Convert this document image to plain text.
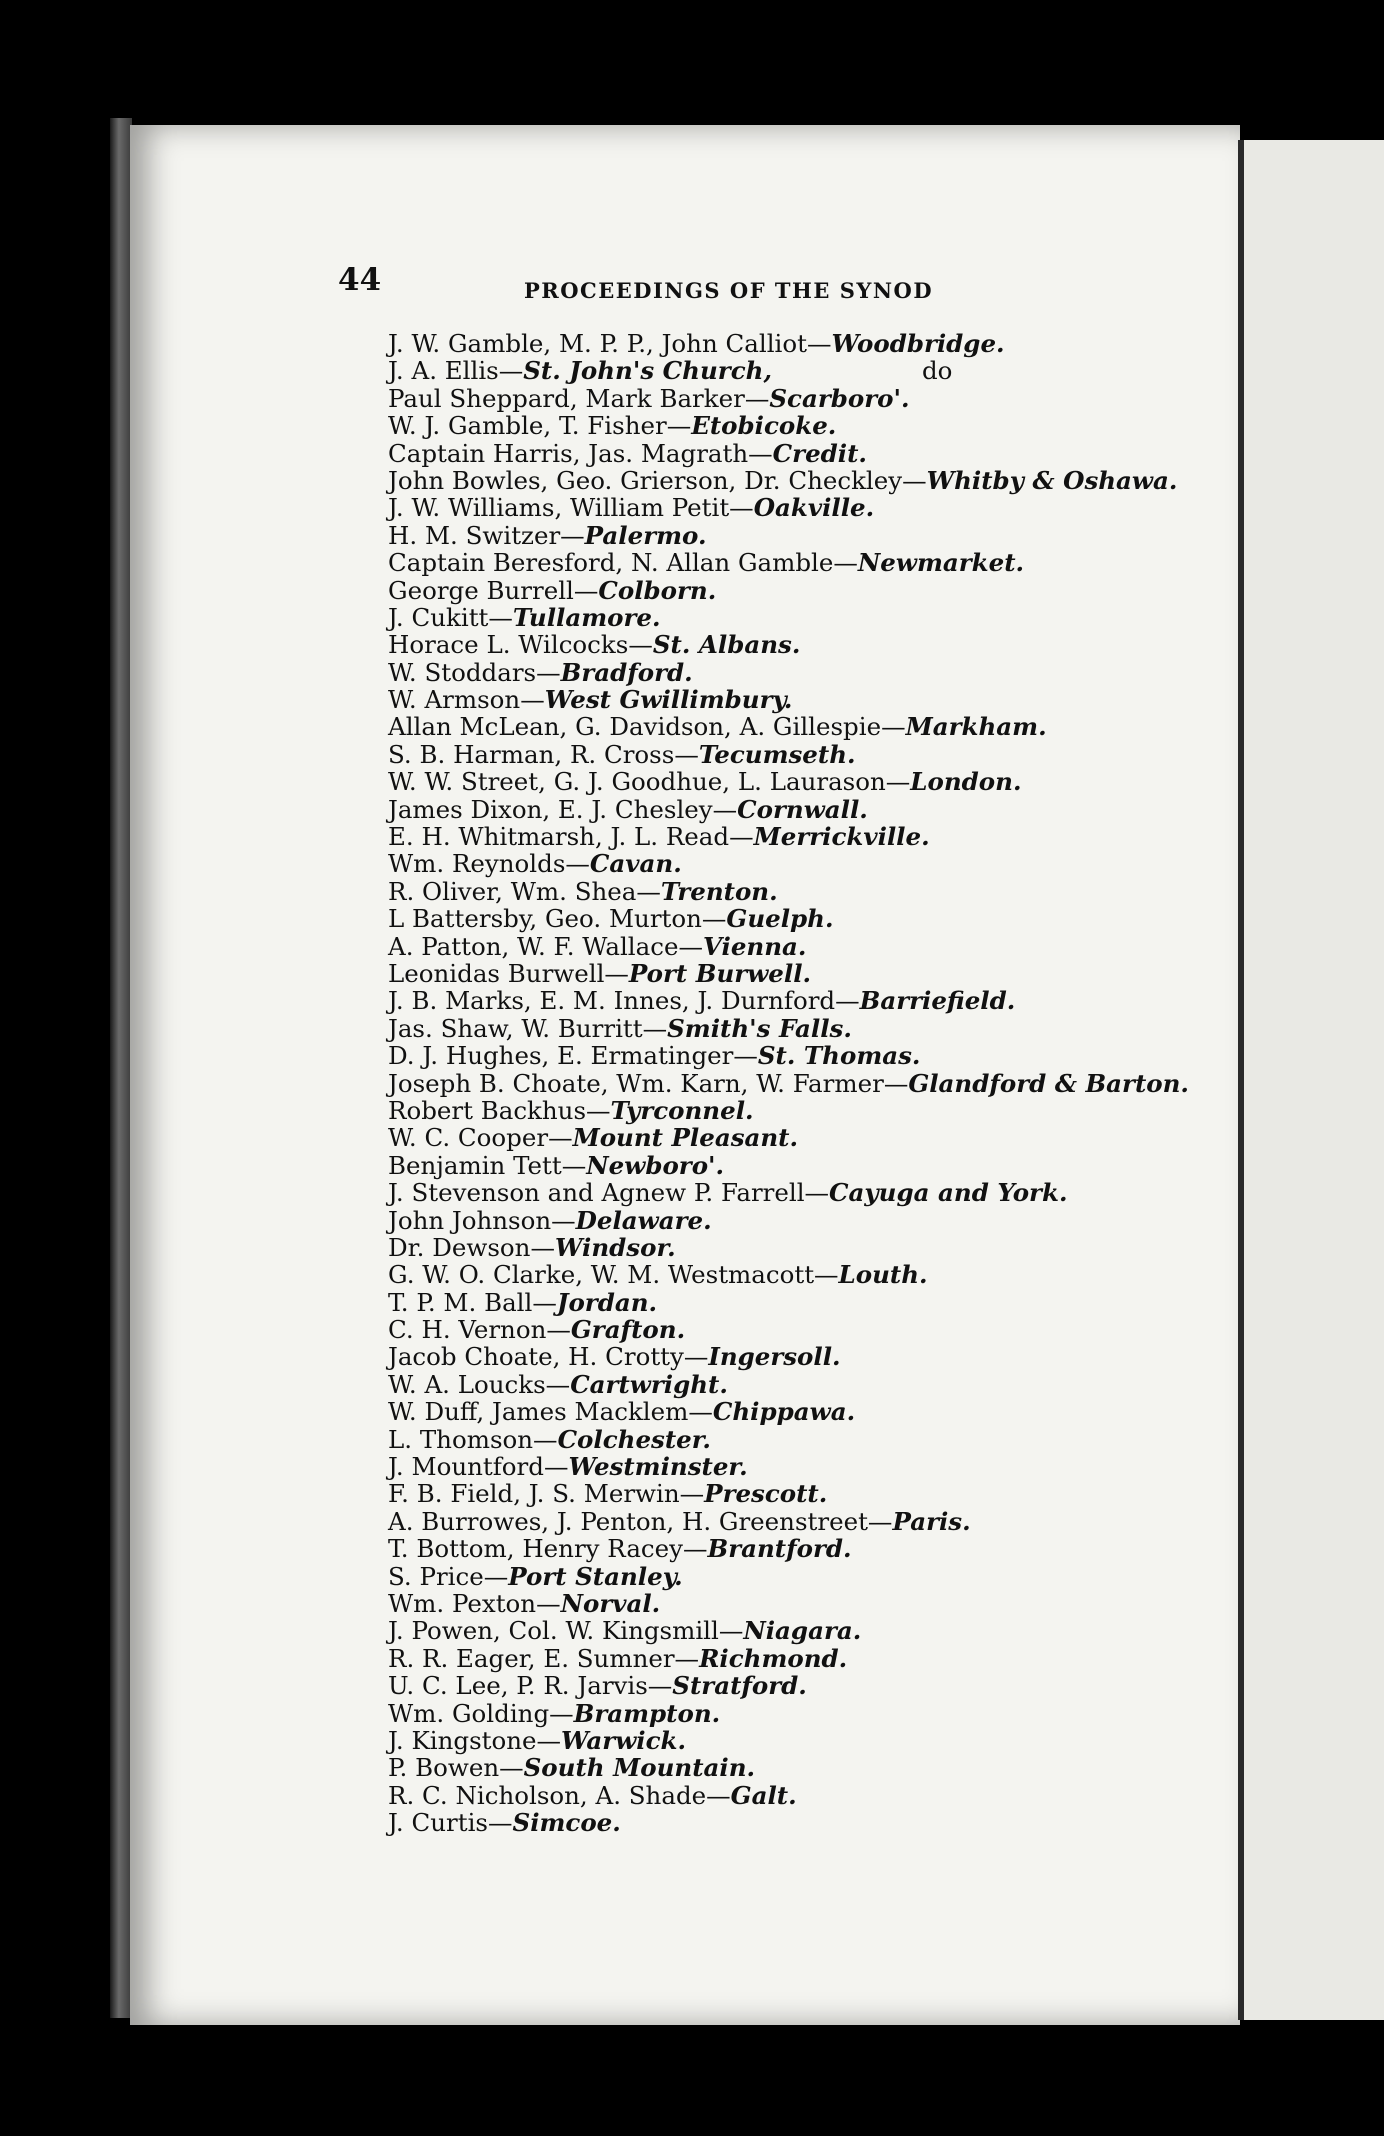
44	PROCEEDINGS OF THE SYNOD
J. W. Gamble, M. P. P., John Calliot—Woodbridge.
J. A. Ellis—St. John's Church,	do
Paul Sheppard, Mark Barker—Scarboro'.
W. J. Gamble, T. Fisher—Etobicoke.
Captain Harris, Jas. Magrath—Credit.
John Bowles, Geo. Grierson, Dr. Checkley—Whitby & Oshawa.
J. W. Williams, William Petit—Oakville.
H. M. Switzer—Palermo.
Captain Beresford, N. Allan Gamble—Newmarket.
George Burrell—Colborn.
J. Cukitt—Tullamore.
Horace L. Wilcocks—St. Albans.
W. Stoddars—Bradford.
W. Armson—West Gwillimbury.
Allan McLean, G. Davidson, A. Gillespie—Markham.
S. B. Harman, R. Cross—Tecumseth.
W. W. Street, G. J. Goodhue, L. Laurason—London.
James Dixon, E. J. Chesley—Cornwall.
E. H. Whitmarsh, J. L. Read—Merrickville.
Wm. Reynolds—Cavan.
R. Oliver, Wm. Shea—Trenton.
L Battersby, Geo. Murton—Guelph.
A. Patton, W. F. Wallace—Vienna.
Leonidas Burwell—Port Burwell.
J. B. Marks, E. M. Innes, J. Durnford—Barriefield.
Jas. Shaw, W. Burritt—Smith's Falls.
D. J. Hughes, E. Ermatinger—St. Thomas.
Joseph B. Choate, Wm. Karn, W. Farmer—Glandford & Barton.
Robert Backhus—Tyrconnel.
W. C. Cooper—Mount Pleasant.
Benjamin Tett—Newboro'.
J. Stevenson and Agnew P. Farrell—Cayuga and York.
John Johnson—Delaware.
Dr. Dewson—Windsor.
G. W. O. Clarke, W. M. Westmacott—Louth.
T. P. M. Ball—Jordan.
C. H. Vernon—Grafton.
Jacob Choate, H. Crotty—Ingersoll.
W. A. Loucks—Cartwright.
W. Duff, James Macklem—Chippawa.
L. Thomson—Colchester.
J. Mountford—Westminster.
F. B. Field, J. S. Merwin—Prescott.
A. Burrowes, J. Penton, H. Greenstreet—Paris.
T. Bottom, Henry Racey—Brantford.
S. Price—Port Stanley.
Wm. Pexton—Norval.
J. Powen, Col. W. Kingsmill—Niagara.
R. R. Eager, E. Sumner—Richmond.
U. C. Lee, P. R. Jarvis—Stratford.
Wm. Golding—Brampton.
J. Kingstone—Warwick.
P. Bowen—South Mountain.
R. C. Nicholson, A. Shade—Galt.
J. Curtis—Simcoe.
